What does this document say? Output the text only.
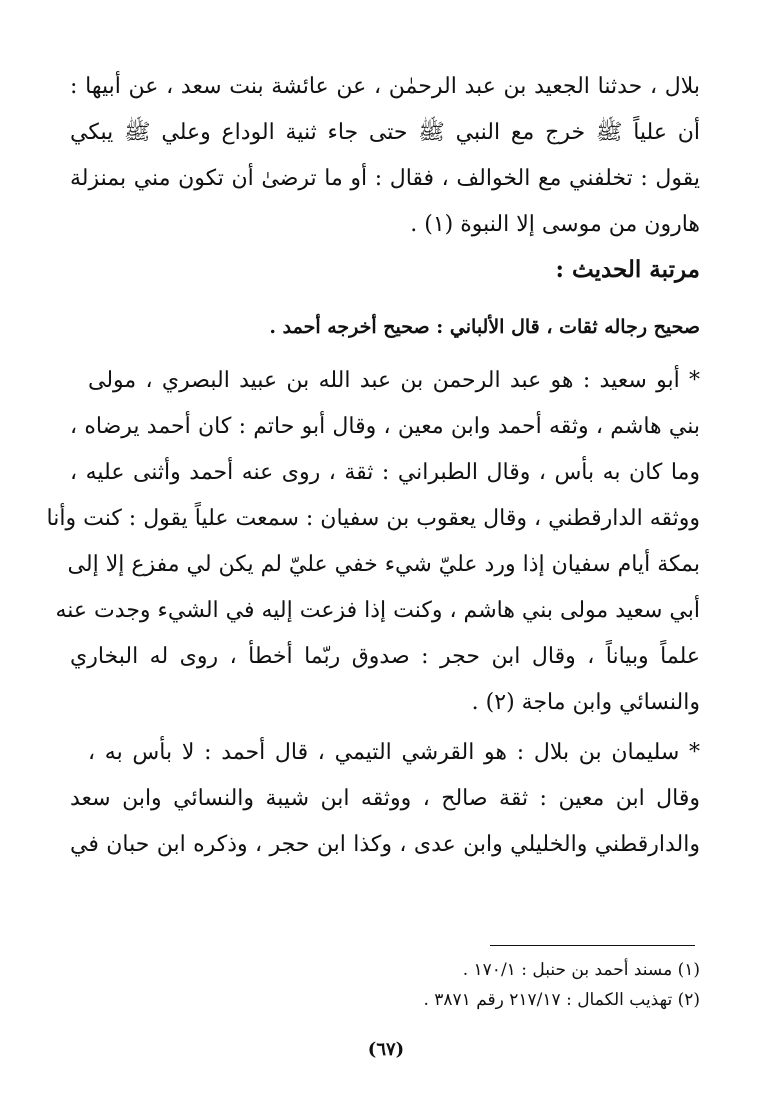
بلال ، حدثنا الجعيد بن عبد الرحمٰن ، عن عائشة بنت سعد ، عن أبيها :
أن علياً ﷺ خرج مع النبي ﷺ حتى جاء ثنية الوداع وعلي ﷺ يبكي
يقول : تخلفني مع الخوالف ، فقال : أو ما ترضىٰ أن تكون مني بمنزلة
هارون من موسى إلا النبوة (١) .
مرتبة الحديث :
صحيح رجاله ثقات ، قال الألباني : صحيح أخرجه أحمد .
* أبو سعيد : هو عبد الرحمن بن عبد الله بن عبيد البصري ، مولى
بني هاشم ، وثقه أحمد وابن معين ، وقال أبو حاتم : كان أحمد يرضاه ،
وما كان به بأس ، وقال الطبراني : ثقة ، روى عنه أحمد وأثنى عليه ،
ووثقه الدارقطني ، وقال يعقوب بن سفيان : سمعت علياً يقول : كنت وأنا
بمكة أيام سفيان إذا ورد عليّ شيء خفي عليّ لم يكن لي مفزع إلا إلى
أبي سعيد مولى بني هاشم ، وكنت إذا فزعت إليه في الشيء وجدت عنه
علماً وبياناً ، وقال ابن حجر : صدوق ربّما أخطأ ، روى له البخاري
والنسائي وابن ماجة (٢) .
* سليمان بن بلال : هو القرشي التيمي ، قال أحمد : لا بأس به ،
وقال ابن معين : ثقة صالح ، ووثقه ابن شيبة والنسائي وابن سعد
والدارقطني والخليلي وابن عدى ، وكذا ابن حجر ، وذكره ابن حبان في
(١) مسند أحمد بن حنبل : ١٧٠/١ .
(٢) تهذيب الكمال : ٢١٧/١٧ رقم ٣٨٧١ .
(٦٧)
